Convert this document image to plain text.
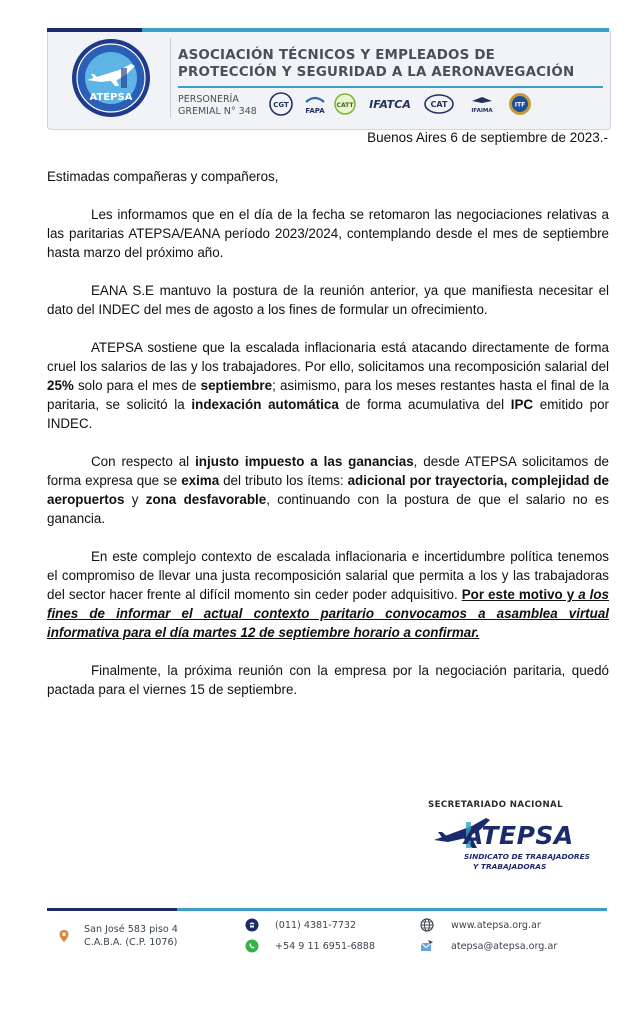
ATEPSA
ASOCIACIÓN TÉCNICOS Y EMPLEADOS DE
PROTECCIÓN Y SEGURIDAD A LA AERONAVEGACIÓN
PERSONERÍA
GREMIAL N° 348
CGT
FAPA
CATT IFATCA	CAT
IFAIMA
ITF
Buenos Aires 6 de septiembre de 2023.-

Estimadas compañeras y compañeros,

Les informamos que en el día de la fecha se retomaron las negociaciones relativas a las paritarias ATEPSA/EANA período 2023/2024, contemplando desde el mes de septiembre hasta marzo del próximo año.

EANA S.E mantuvo la postura de la reunión anterior, ya que manifiesta necesitar el dato del INDEC del mes de agosto a los fines de formular un ofrecimiento.

ATEPSA sostiene que la escalada inflacionaria está atacando directamente de forma cruel los salarios de las y los trabajadores. Por ello, solicitamos una recomposición salarial del 25% solo para el mes de septiembre; asimismo, para los meses restantes hasta el final de la paritaria, se solicitó la indexación automática de forma acumulativa del IPC emitido por INDEC.

Con respecto al injusto impuesto a las ganancias, desde ATEPSA solicitamos de forma expresa que se exima del tributo los ítems: adicional por trayectoria, complejidad de aeropuertos y zona desfavorable, continuando con la postura de que el salario no es ganancia.

En este complejo contexto de escalada inflacionaria e incertidumbre política tenemos el compromiso de llevar una justa recomposición salarial que permita a los y las trabajadoras del sector hacer frente al difícil momento sin ceder poder adquisitivo. Por este motivo y a los fines de informar el actual contexto paritario convocamos a asamblea virtual informativa para el día martes 12 de septiembre horario a confirmar.

Finalmente, la próxima reunión con la empresa por la negociación paritaria, quedó pactada para el viernes 15 de septiembre.

SECRETARIADO NACIONAL
ATEPSA
SINDICATO DE TRABAJADORES
Y TRABAJADORAS
San José 583 piso 4
C.A.B.A. (C.P. 1076)
(011) 4381-7732
+54 9 11 6951-6888
www.atepsa.org.ar
atepsa@atepsa.org.ar
